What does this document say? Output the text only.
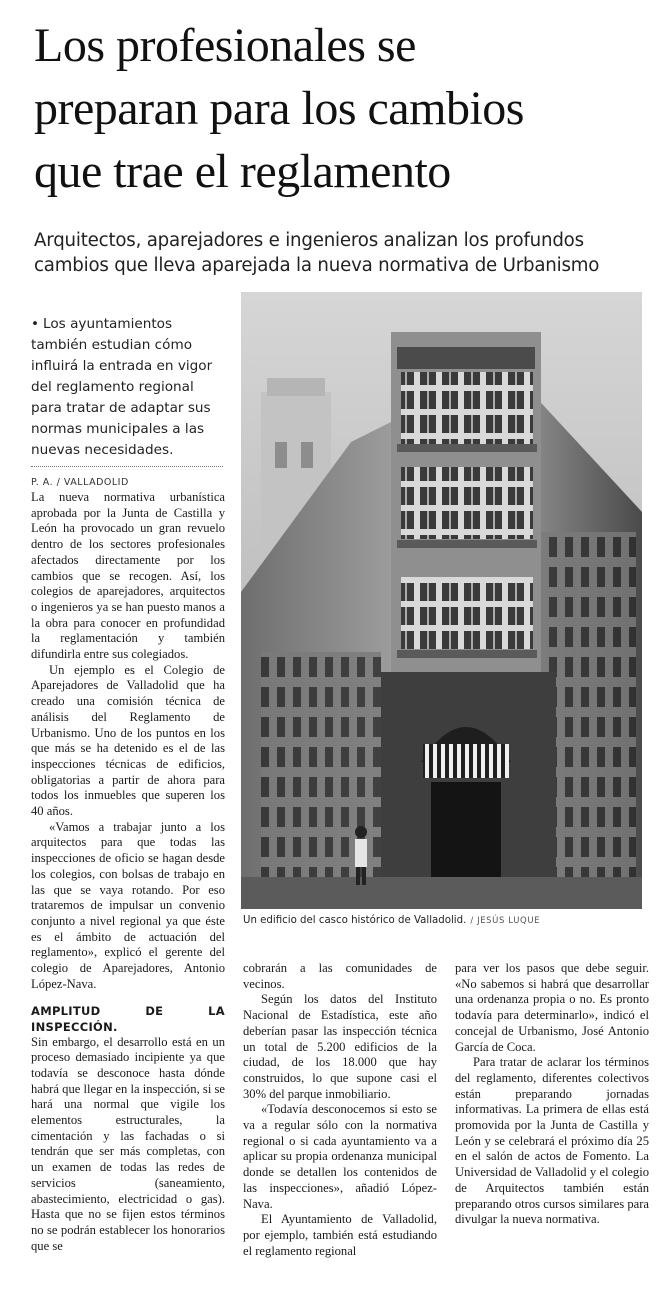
Los profesionales se
preparan para los cambios
que trae el reglamento
Arquitectos, aparejadores e ingenieros analizan los profundos
cambios que lleva aparejada la nueva normativa de Urbanismo
• Los ayuntamientos también estudian cómo influirá la entrada en vigor del reglamento regional para tratar de adaptar sus normas municipales a las nuevas necesidades.
P. A. / VALLADOLID

La nueva normativa urbanística aprobada por la Junta de Castilla y León ha provocado un gran revuelo dentro de los sectores profesionales afectados directamente por los cambios que se recogen. Así, los colegios de aparejadores, arquitectos o ingenieros ya se han puesto manos a la obra para conocer en profundidad la reglamentación y también difundirla entre sus colegiados.

Un ejemplo es el Colegio de Aparejadores de Valladolid que ha creado una comisión técnica de análisis del Reglamento de Urbanismo. Uno de los puntos en los que más se ha detenido es el de las inspecciones técnicas de edificios, obligatorias a partir de ahora para todos los inmuebles que superen los 40 años.

«Vamos a trabajar junto a los arquitectos para que todas las inspecciones de oficio se hagan desde los colegios, con bolsas de trabajo en las que se vaya rotando. Por eso trataremos de impulsar un convenio conjunto a nivel regional ya que éste es el ámbito de actuación del reglamento», explicó el gerente del colegio de Aparejadores, Antonio López-Nava.

AMPLITUD DE LA INSPECCIÓN.

Sin embargo, el desarrollo está en un proceso demasiado incipiente ya que todavía se desconoce hasta dónde habrá que llegar en la inspección, si se hará una normal que vigile los elementos estructurales, la cimentación y las fachadas o si tendrán que ser más completas, con un examen de todas las redes de servicios (saneamiento, abastecimiento, electricidad o gas). Hasta que no se fijen estos términos no se podrán establecer los honorarios que se

Un edificio del casco histórico de Valladolid. / JESÚS LUQUE

cobrarán a las comunidades de vecinos.

Según los datos del Instituto Nacional de Estadística, este año deberían pasar las inspección técnica un total de 5.200 edificios de la ciudad, de los 18.000 que hay construidos, lo que supone casi el 30% del parque inmobiliario.

«Todavía desconocemos si esto se va a regular sólo con la normativa regional o si cada ayuntamiento va a aplicar su propia ordenanza municipal donde se detallen los contenidos de las inspecciones», añadió López-Nava.

El Ayuntamiento de Valladolid, por ejemplo, también está estudiando el reglamento regional

para ver los pasos que debe seguir. «No sabemos si habrá que desarrollar una ordenanza propia o no. Es pronto todavía para determinarlo», indicó el concejal de Urbanismo, José Antonio García de Coca.

Para tratar de aclarar los términos del reglamento, diferentes colectivos están preparando jornadas informativas. La primera de ellas está promovida por la Junta de Castilla y León y se celebrará el próximo día 25 en el salón de actos de Fomento. La Universidad de Valladolid y el colegio de Arquitectos también están preparando otros cursos similares para divulgar la nueva normativa.
